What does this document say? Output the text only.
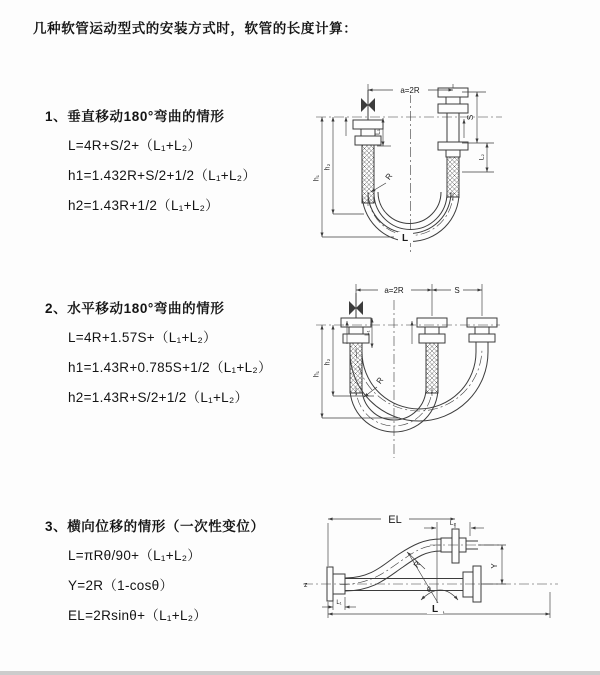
几种软管运动型式的安装方式时，软管的长度计算：
1、垂直移动180°弯曲的情形
L=4R+S/2+（L₁+L₂）
h1=1.432R+S/2+1/2（L₁+L₂）
h2=1.43R+1/2（L₁+L₂）
2、水平移动180°弯曲的情形
L=4R+1.57S+（L₁+L₂）
h1=1.43R+0.785S+1/2（L₁+L₂）
h2=1.43R+S/2+1/2（L₁+L₂）
3、横向位移的情形（一次性变位）
L=πRθ/90+（L₁+L₂）
Y=2R（1-cosθ）
EL=2Rsinθ+（L₁+L₂）
a=2R
L₁
S
L₂
h₁
h₂
R
L
a=2R	S
L₁
h₁
h₂
R
z
θ
R
EL	L₂
Y
L
L₁
